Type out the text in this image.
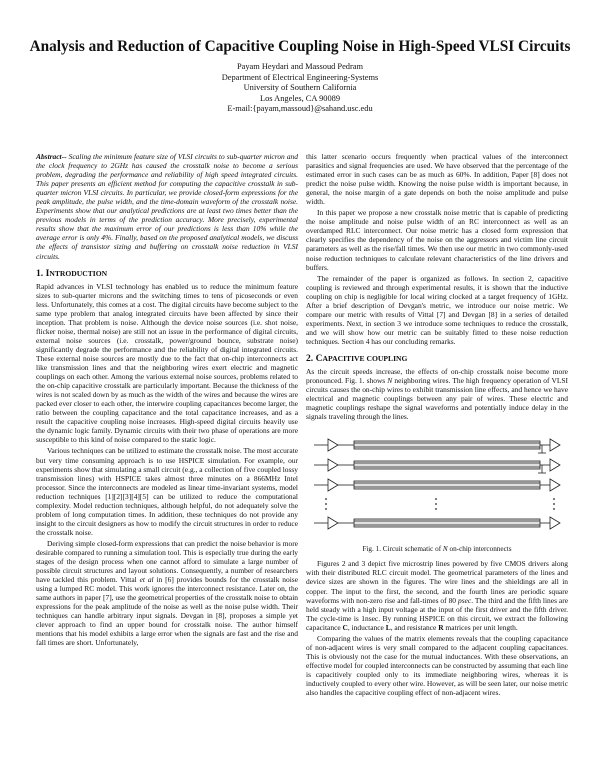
Analysis and Reduction of Capacitive Coupling Noise in High-Speed VLSI Circuits
Payam Heydari and Massoud Pedram
Department of Electrical Engineering-Systems
University of Southern California
Los Angeles, CA 90089
E-mail:{payam,massoud}@sahand.usc.edu

Abstract-- Scaling the minimum feature size of VLSI circuits to sub-quarter micron and the clock frequency to 2GHz has caused the crosstalk noise to become a serious problem, degrading the performance and reliability of high speed integrated circuits. This paper presents an efficient method for computing the capacitive crosstalk in sub-quarter micron VLSI circuits. In particular, we provide closed-form expressions for the peak amplitude, the pulse width, and the time-domain waveform of the crosstalk noise. Experiments show that our analytical predictions are at least two times better than the previous models in terms of the prediction accuracy. More precisely, experimental results show that the maximum error of our predictions is less than 10% while the average error is only 4%. Finally, based on the proposed analytical models, we discuss the effects of transistor sizing and buffering on crosstalk noise reduction in VLSI circuits.

1. INTRODUCTION

Rapid advances in VLSI technology has enabled us to reduce the minimum feature sizes to sub-quarter microns and the switching times to tens of picoseconds or even less. Unfortunately, this comes at a cost. The digital circuits have become subject to the same type problem that analog integrated circuits have been affected by since their inception. That problem is noise. Although the device noise sources (i.e. shot noise, flicker noise, thermal noise) are still not an issue in the performance of digital circuits, external noise sources (i.e. crosstalk, power/ground bounce, substrate noise) significantly degrade the performance and the reliability of digital integrated circuits. These external noise sources are mostly due to the fact that on-chip interconnects act like transmission lines and that the neighboring wires exert electric and magnetic couplings on each other. Among the various external noise sources, problems related to the on-chip capacitive crosstalk are particularly important. Because the thickness of the wires is not scaled down by as much as the width of the wires and because the wires are packed ever closer to each other, the interwire coupling capacitances become larger, the ratio between the coupling capacitance and the total capacitance increases, and as a result the capacitive coupling noise increases. High-speed digital circuits heavily use the dynamic logic family. Dynamic circuits with their two phase of operations are more susceptible to this kind of noise compared to the static logic.

Various techniques can be utilized to estimate the crosstalk noise. The most accurate but very time consuming approach is to use HSPICE simulation. For example, our experiments show that simulating a small circuit (e.g., a collection of five coupled lossy transmission lines) with HSPICE takes almost three minutes on a 866MHz Intel processor. Since the interconnects are modeled as linear time-invariant systems, model reduction techniques [1][2][3][4][5] can be utilized to reduce the computational complexity. Model reduction techniques, although helpful, do not adequately solve the problem of long computation times. In addition, these techniques do not provide any insight to the circuit designers as how to modify the circuit structures in order to reduce the crosstalk noise.

Deriving simple closed-form expressions that can predict the noise behavior is more desirable compared to running a simulation tool. This is especially true during the early stages of the design process when one cannot afford to simulate a large number of possible circuit structures and layout solutions. Consequently, a number of researchers have tackled this problem. Vittal et al in [6] provides bounds for the crosstalk noise using a lumped RC model. This work ignores the interconnect resistance. Later on, the same authors in paper [7], use the geometrical properties of the crosstalk noise to obtain expressions for the peak amplitude of the noise as well as the noise pulse width. Their techniques can handle arbitrary input signals. Devgan in [8], proposes a simple yet clever approach to find an upper bound for crosstalk noise. The author himself mentions that his model exhibits a large error when the signals are fast and the rise and fall times are short. Unfortunately,

this latter scenario occurs frequently when practical values of the interconnect parasitics and signal frequencies are used. We have observed that the percentage of the estimated error in such cases can be as much as 60%. In addition, Paper [8] does not predict the noise pulse width. Knowing the noise pulse width is important because, in general, the noise margin of a gate depends on both the noise amplitude and pulse width.

In this paper we propose a new crosstalk noise metric that is capable of predicting the noise amplitude and noise pulse width of an RC interconnect as well as an overdamped RLC interconnect. Our noise metric has a closed form expression that clearly specifies the dependency of the noise on the aggressors and victim line circuit parameters as well as the rise/fall times. We then use our metric in two commonly-used noise reduction techniques to calculate relevant characteristics of the line drivers and buffers.

The remainder of the paper is organized as follows. In section 2, capacitive coupling is reviewed and through experimental results, it is shown that the inductive coupling on chip is negligible for local wiring clocked at a target frequency of 1GHz. After a brief description of Devgan's metric, we introduce our noise metric. We compare our metric with results of Vittal [7] and Devgan [8] in a series of detailed experiments. Next, in section 3 we introduce some techniques to reduce the crosstalk, and we will show how our metric can be suitably fitted to these noise reduction techniques. Section 4 has our concluding remarks.

2. CAPACITIVE COUPLING

As the circuit speeds increase, the effects of on-chip crosstalk noise become more pronounced. Fig. 1. shows N neighboring wires. The high frequency operation of VLSI circuits causes the on-chip wires to exhibit transmission line effects, and hence we have electrical and magnetic couplings between any pair of wires. These electric and magnetic couplings reshape the signal waveforms and potentially induce delay in the signals traveling through the lines.

Fig. 1. Circuit schematic of N on-chip interconnects

Figures 2 and 3 depict five microstrip lines powered by five CMOS drivers along with their distributed RLC circuit model. The geometrical parameters of the lines and device sizes are shown in the figures. The wire lines and the shieldings are all in copper. The input to the first, the second, and the fourth lines are periodic square waveforms with non-zero rise and fall-times of 80 psec. The third and the fifth lines are held steady with a high input voltage at the input of the first driver and the fifth driver. The cycle-time is 1nsec. By running HSPICE on this circuit, we extract the following capacitance C, inductance L, and resistance R matrices per unit length.

Comparing the values of the matrix elements reveals that the coupling capacitance of non-adjacent wires is very small compared to the adjacent coupling capacitances. This is obviously not the case for the mutual inductances. With these observations, an effective model for coupled interconnects can be constructed by assuming that each line is capacitively coupled only to its immediate neighboring wires, whereas it is inductively coupled to every other wire. However, as will be seen later, our noise metric also handles the capacitive coupling effect of non-adjacent wires.
